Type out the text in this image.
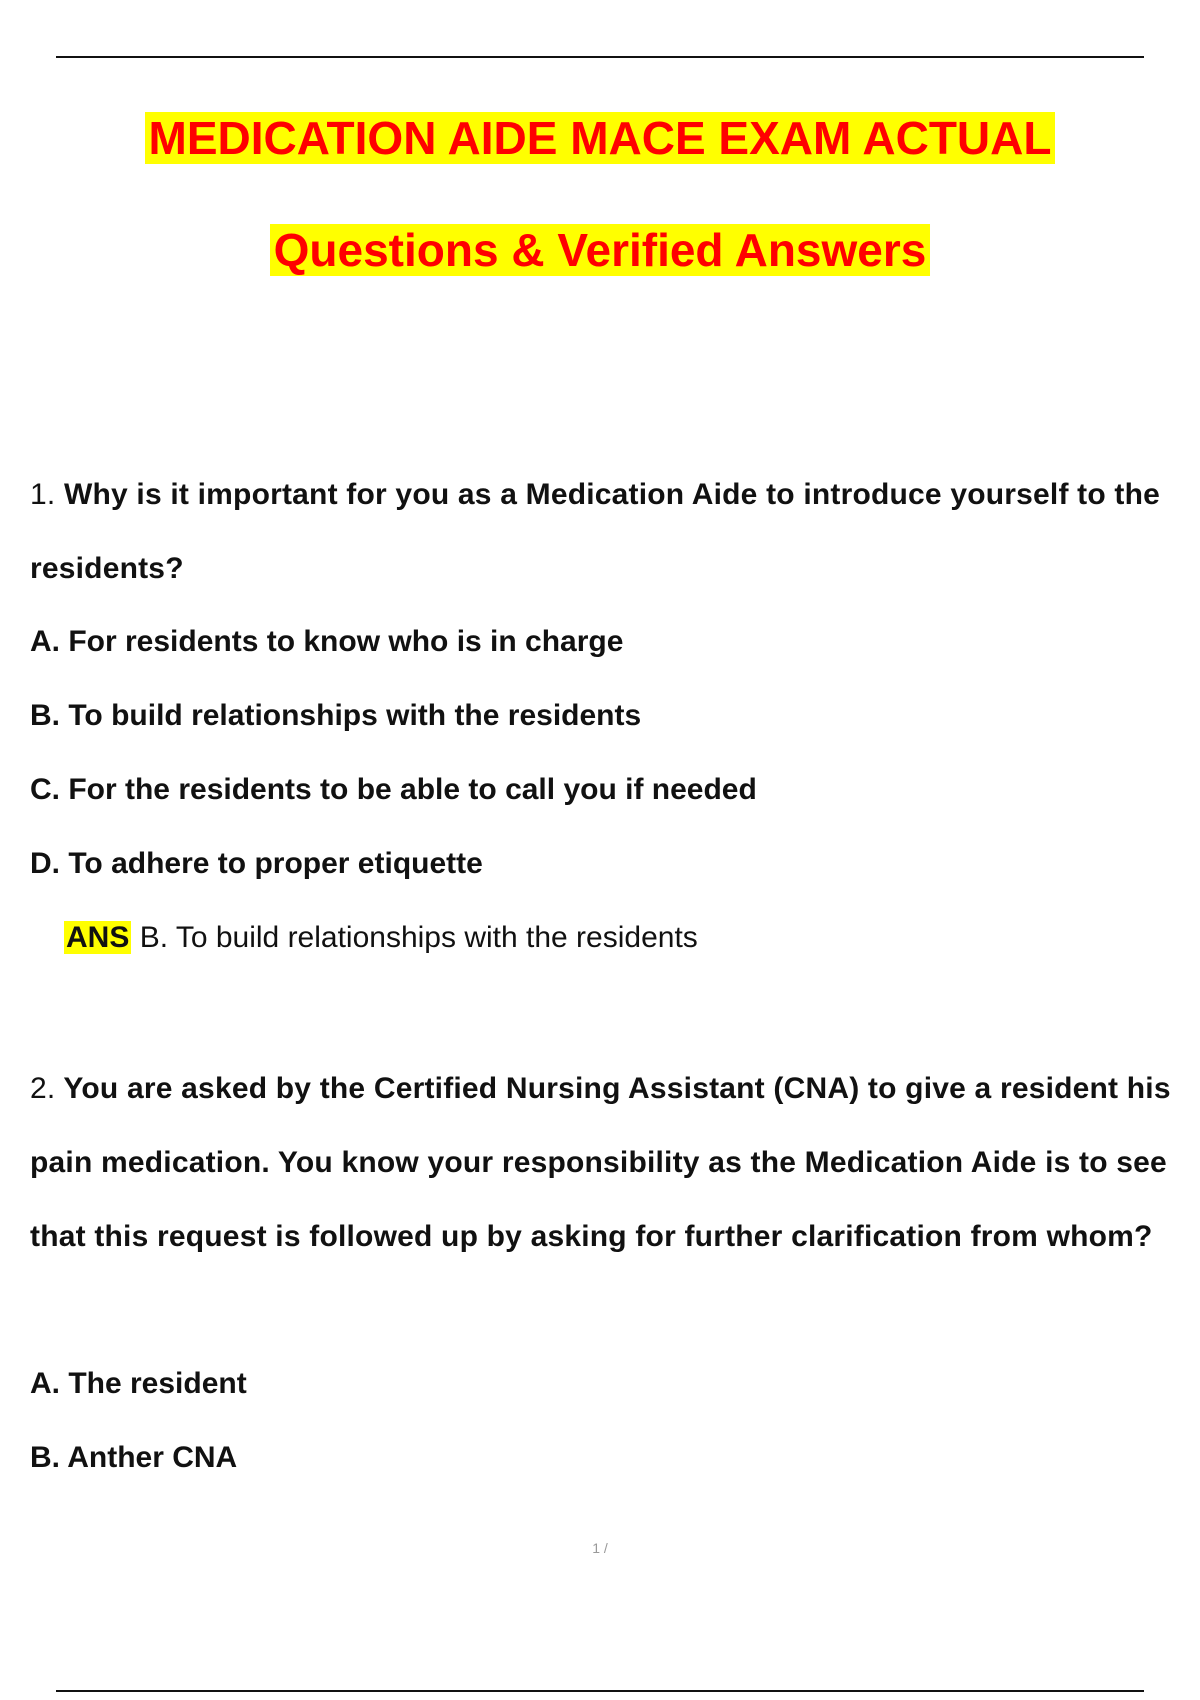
MEDICATION AIDE MACE EXAM ACTUAL
Questions & Verified Answers
1. Why is it important for you as a Medication Aide to introduce yourself to the residents?
A. For residents to know who is in charge
B. To build relationships with the residents
C. For the residents to be able to call you if needed
D. To adhere to proper etiquette
ANS B. To build relationships with the residents
2. You are asked by the Certified Nursing Assistant (CNA) to give a resident his pain medication. You know your responsibility as the Medication Aide is to see that this request is followed up by asking for further clarification from whom?
A. The resident
B. Anther CNA
1 /
